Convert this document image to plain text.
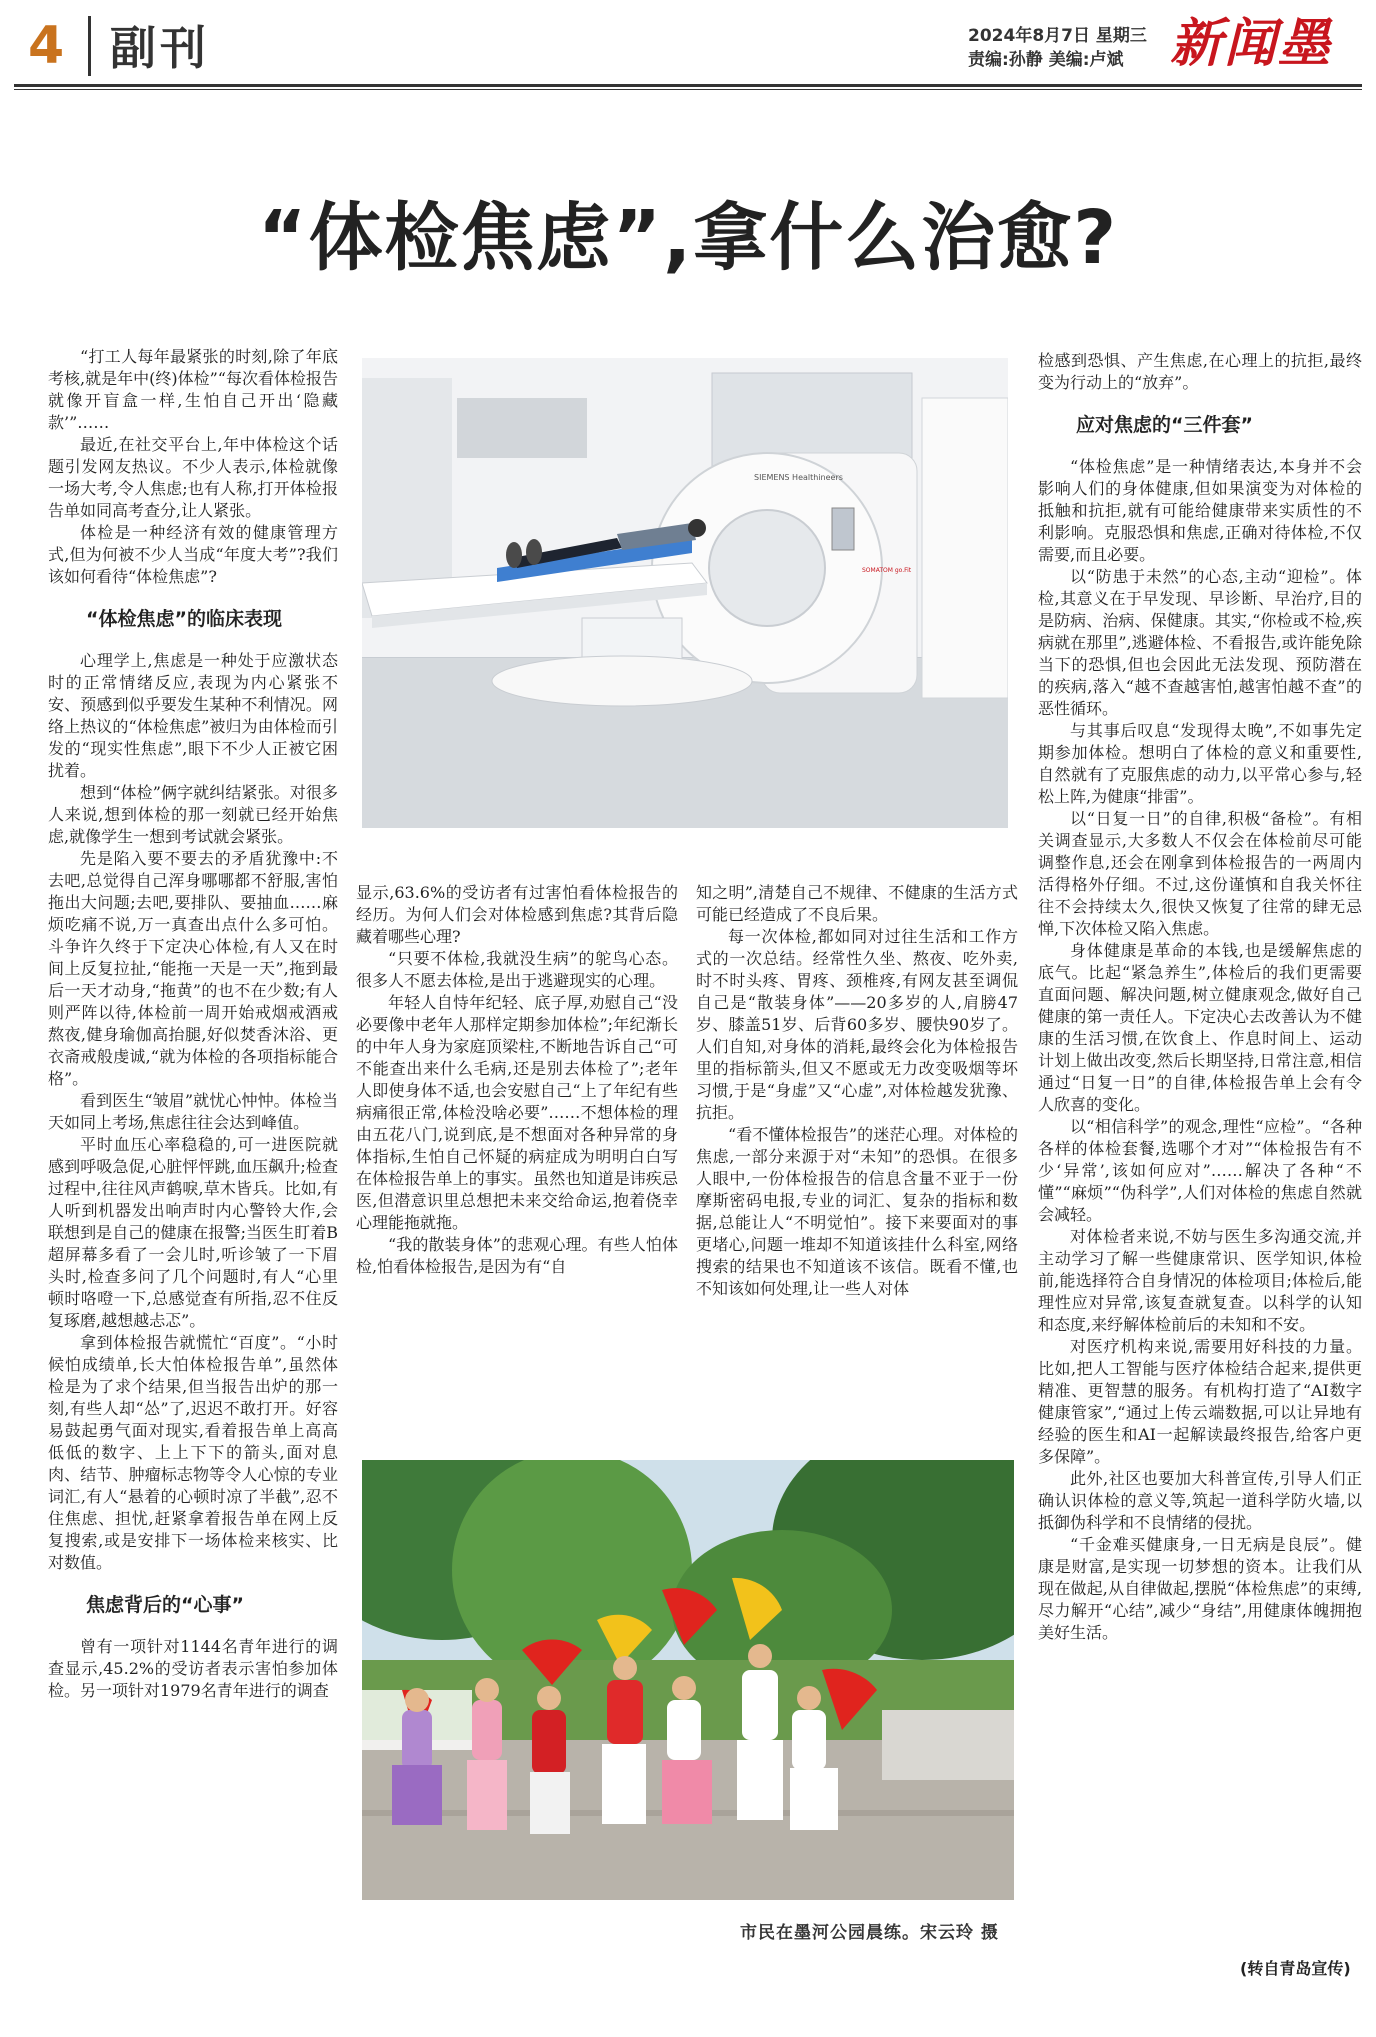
4 副刊	2024年8月7日 星期三
责编:孙静 美编:卢斌 新闻墨
“体检焦虑”,拿什么治愈?

“打工人每年最紧张的时刻,除了年底考核,就是年中(终)体检”“每次看体检报告就像开盲盒一样,生怕自己开出‘隐藏款’”……

最近,在社交平台上,年中体检这个话题引发网友热议。不少人表示,体检就像一场大考,令人焦虑;也有人称,打开体检报告单如同高考查分,让人紧张。

体检是一种经济有效的健康管理方式,但为何被不少人当成“年度大考”?我们该如何看待“体检焦虑”?

“体检焦虑”的临床表现

心理学上,焦虑是一种处于应激状态时的正常情绪反应,表现为内心紧张不安、预感到似乎要发生某种不利情况。网络上热议的“体检焦虑”被归为由体检而引发的“现实性焦虑”,眼下不少人正被它困扰着。

想到“体检”俩字就纠结紧张。对很多人来说,想到体检的那一刻就已经开始焦虑,就像学生一想到考试就会紧张。

先是陷入要不要去的矛盾犹豫中:不去吧,总觉得自己浑身哪哪都不舒服,害怕拖出大问题;去吧,要排队、要抽血……麻烦吃痛不说,万一真查出点什么多可怕。斗争许久终于下定决心体检,有人又在时间上反复拉扯,“能拖一天是一天”,拖到最后一天才动身,“拖黄”的也不在少数;有人则严阵以待,体检前一周开始戒烟戒酒戒熬夜,健身瑜伽高抬腿,好似焚香沐浴、更衣斋戒般虔诚,“就为体检的各项指标能合格”。

看到医生“皱眉”就忧心忡忡。体检当天如同上考场,焦虑往往会达到峰值。

平时血压心率稳稳的,可一进医院就感到呼吸急促,心脏怦怦跳,血压飙升;检查过程中,往往风声鹤唳,草木皆兵。比如,有人听到机器发出响声时内心警铃大作,会联想到是自己的健康在报警;当医生盯着B超屏幕多看了一会儿时,听诊皱了一下眉头时,检查多问了几个问题时,有人“心里顿时咯噔一下,总感觉查有所指,忍不住反复琢磨,越想越忐忑”。

拿到体检报告就慌忙“百度”。“小时候怕成绩单,长大怕体检报告单”,虽然体检是为了求个结果,但当报告出炉的那一刻,有些人却“怂”了,迟迟不敢打开。好容易鼓起勇气面对现实,看着报告单上高高低低的数字、上上下下的箭头,面对息肉、结节、肿瘤标志物等令人心惊的专业词汇,有人“悬着的心顿时凉了半截”,忍不住焦虑、担忧,赶紧拿着报告单在网上反复搜索,或是安排下一场体检来核实、比对数值。

焦虑背后的“心事”

曾有一项针对1144名青年进行的调查显示,45.2%的受访者表示害怕参加体检。另一项针对1979名青年进行的调查

SIEMENS Healthineers
SOMATOM go.Fit

显示,63.6%的受访者有过害怕看体检报告的经历。为何人们会对体检感到焦虑?其背后隐藏着哪些心理?

“只要不体检,我就没生病”的鸵鸟心态。很多人不愿去体检,是出于逃避现实的心理。

年轻人自恃年纪轻、底子厚,劝慰自己“没必要像中老年人那样定期参加体检”;年纪渐长的中年人身为家庭顶梁柱,不断地告诉自己“可不能查出来什么毛病,还是别去体检了”;老年人即使身体不适,也会安慰自己“上了年纪有些病痛很正常,体检没啥必要”……不想体检的理由五花八门,说到底,是不想面对各种异常的身体指标,生怕自己怀疑的病症成为明明白白写在体检报告单上的事实。虽然也知道是讳疾忌医,但潜意识里总想把未来交给命运,抱着侥幸心理能拖就拖。

“我的散装身体”的悲观心理。有些人怕体检,怕看体检报告,是因为有“自

知之明”,清楚自己不规律、不健康的生活方式可能已经造成了不良后果。

每一次体检,都如同对过往生活和工作方式的一次总结。经常性久坐、熬夜、吃外卖,时不时头疼、胃疼、颈椎疼,有网友甚至调侃自己是“散装身体”——20多岁的人,肩膀47岁、膝盖51岁、后背60多岁、腰快90岁了。人们自知,对身体的消耗,最终会化为体检报告里的指标箭头,但又不愿或无力改变吸烟等坏习惯,于是“身虚”又“心虚”,对体检越发犹豫、抗拒。

“看不懂体检报告”的迷茫心理。对体检的焦虑,一部分来源于对“未知”的恐惧。在很多人眼中,一份体检报告的信息含量不亚于一份摩斯密码电报,专业的词汇、复杂的指标和数据,总能让人“不明觉怕”。接下来要面对的事更堵心,问题一堆却不知道该挂什么科室,网络搜索的结果也不知道该不该信。既看不懂,也不知该如何处理,让一些人对体

检感到恐惧、产生焦虑,在心理上的抗拒,最终变为行动上的“放弃”。

应对焦虑的“三件套”

“体检焦虑”是一种情绪表达,本身并不会影响人们的身体健康,但如果演变为对体检的抵触和抗拒,就有可能给健康带来实质性的不利影响。克服恐惧和焦虑,正确对待体检,不仅需要,而且必要。

以“防患于未然”的心态,主动“迎检”。体检,其意义在于早发现、早诊断、早治疗,目的是防病、治病、保健康。其实,“你检或不检,疾病就在那里”,逃避体检、不看报告,或许能免除当下的恐惧,但也会因此无法发现、预防潜在的疾病,落入“越不查越害怕,越害怕越不查”的恶性循环。

与其事后叹息“发现得太晚”,不如事先定期参加体检。想明白了体检的意义和重要性,自然就有了克服焦虑的动力,以平常心参与,轻松上阵,为健康“排雷”。

以“日复一日”的自律,积极“备检”。有相关调查显示,大多数人不仅会在体检前尽可能调整作息,还会在刚拿到体检报告的一两周内活得格外仔细。不过,这份谨慎和自我关怀往往不会持续太久,很快又恢复了往常的肆无忌惮,下次体检又陷入焦虑。

身体健康是革命的本钱,也是缓解焦虑的底气。比起“紧急养生”,体检后的我们更需要直面问题、解决问题,树立健康观念,做好自己健康的第一责任人。下定决心去改善认为不健康的生活习惯,在饮食上、作息时间上、运动计划上做出改变,然后长期坚持,日常注意,相信通过“日复一日”的自律,体检报告单上会有令人欣喜的变化。

以“相信科学”的观念,理性“应检”。“各种各样的体检套餐,选哪个才对”“体检报告有不少‘异常’,该如何应对”……解决了各种“不懂”“麻烦”“伪科学”,人们对体检的焦虑自然就会减轻。

对体检者来说,不妨与医生多沟通交流,并主动学习了解一些健康常识、医学知识,体检前,能选择符合自身情况的体检项目;体检后,能理性应对异常,该复查就复查。以科学的认知和态度,来纾解体检前后的未知和不安。

对医疗机构来说,需要用好科技的力量。比如,把人工智能与医疗体检结合起来,提供更精准、更智慧的服务。有机构打造了“AI数字健康管家”,“通过上传云端数据,可以让异地有经验的医生和AI一起解读最终报告,给客户更多保障”。

此外,社区也要加大科普宣传,引导人们正确认识体检的意义等,筑起一道科学防火墙,以抵御伪科学和不良情绪的侵扰。

“千金难买健康身,一日无病是良辰”。健康是财富,是实现一切梦想的资本。让我们从现在做起,从自律做起,摆脱“体检焦虑”的束缚,尽力解开“心结”,减少“身结”,用健康体魄拥抱美好生活。

市民在墨河公园晨练。宋云玲 摄
(转自青岛宣传)
